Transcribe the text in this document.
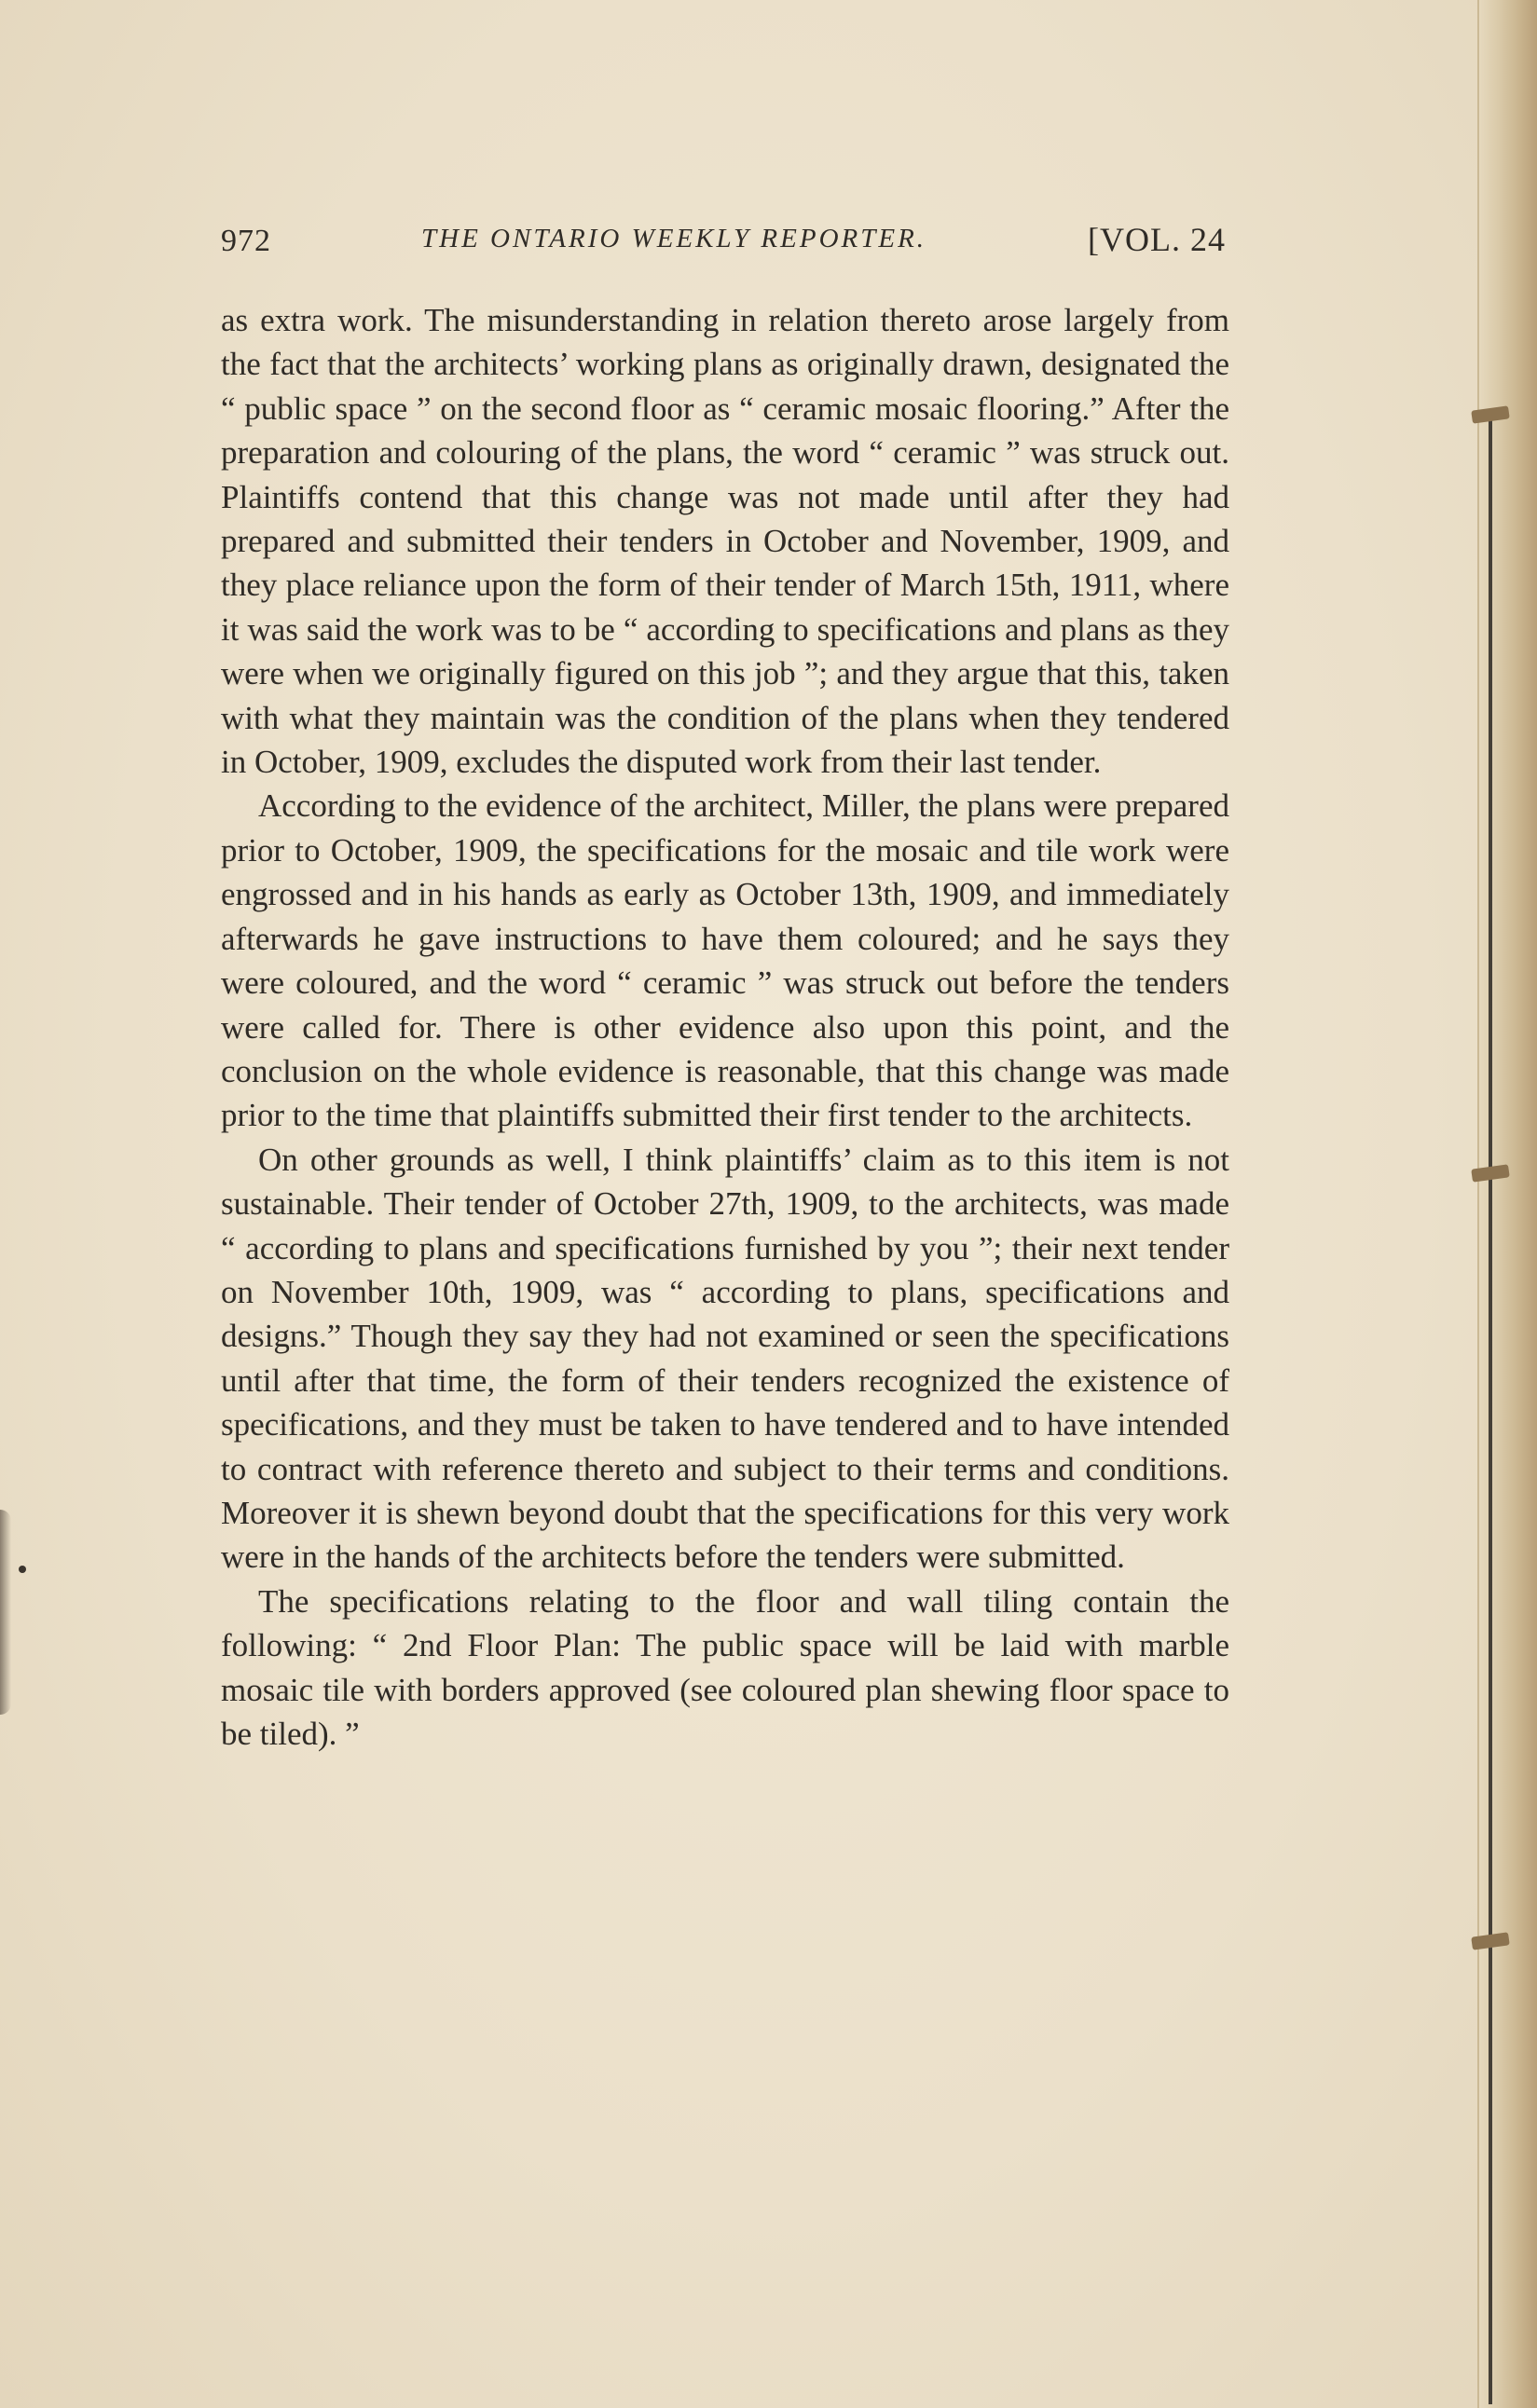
972	THE ONTARIO WEEKLY REPORTER.	[VOL. 24

as extra work. The misunderstanding in relation thereto arose largely from the fact that the architects’ working plans as originally drawn, designated the “ public space ” on the second floor as “ ceramic mosaic flooring.” After the preparation and colouring of the plans, the word “ ceramic ” was struck out. Plaintiffs contend that this change was not made until after they had prepared and submitted their tenders in October and November, 1909, and they place reliance upon the form of their tender of March 15th, 1911, where it was said the work was to be “ according to specifications and plans as they were when we originally figured on this job ”; and they argue that this, taken with what they maintain was the condition of the plans when they tendered in October, 1909, excludes the disputed work from their last tender.

According to the evidence of the architect, Miller, the plans were prepared prior to October, 1909, the specifications for the mosaic and tile work were engrossed and in his hands as early as October 13th, 1909, and immediately afterwards he gave instructions to have them coloured; and he says they were coloured, and the word “ ceramic ” was struck out before the tenders were called for. There is other evidence also upon this point, and the conclusion on the whole evidence is reasonable, that this change was made prior to the time that plaintiffs submitted their first tender to the architects.

On other grounds as well, I think plaintiffs’ claim as to this item is not sustainable. Their tender of October 27th, 1909, to the architects, was made “ according to plans and specifications furnished by you ”; their next tender on November 10th, 1909, was “ according to plans, specifications and designs.” Though they say they had not examined or seen the specifications until after that time, the form of their tenders recognized the existence of specifications, and they must be taken to have tendered and to have intended to contract with reference thereto and subject to their terms and conditions. Moreover it is shewn beyond doubt that the specifications for this very work were in the hands of the architects before the tenders were submitted.

The specifications relating to the floor and wall tiling contain the following: “ 2nd Floor Plan: The public space will be laid with marble mosaic tile with borders approved (see coloured plan shewing floor space to be tiled). ”
